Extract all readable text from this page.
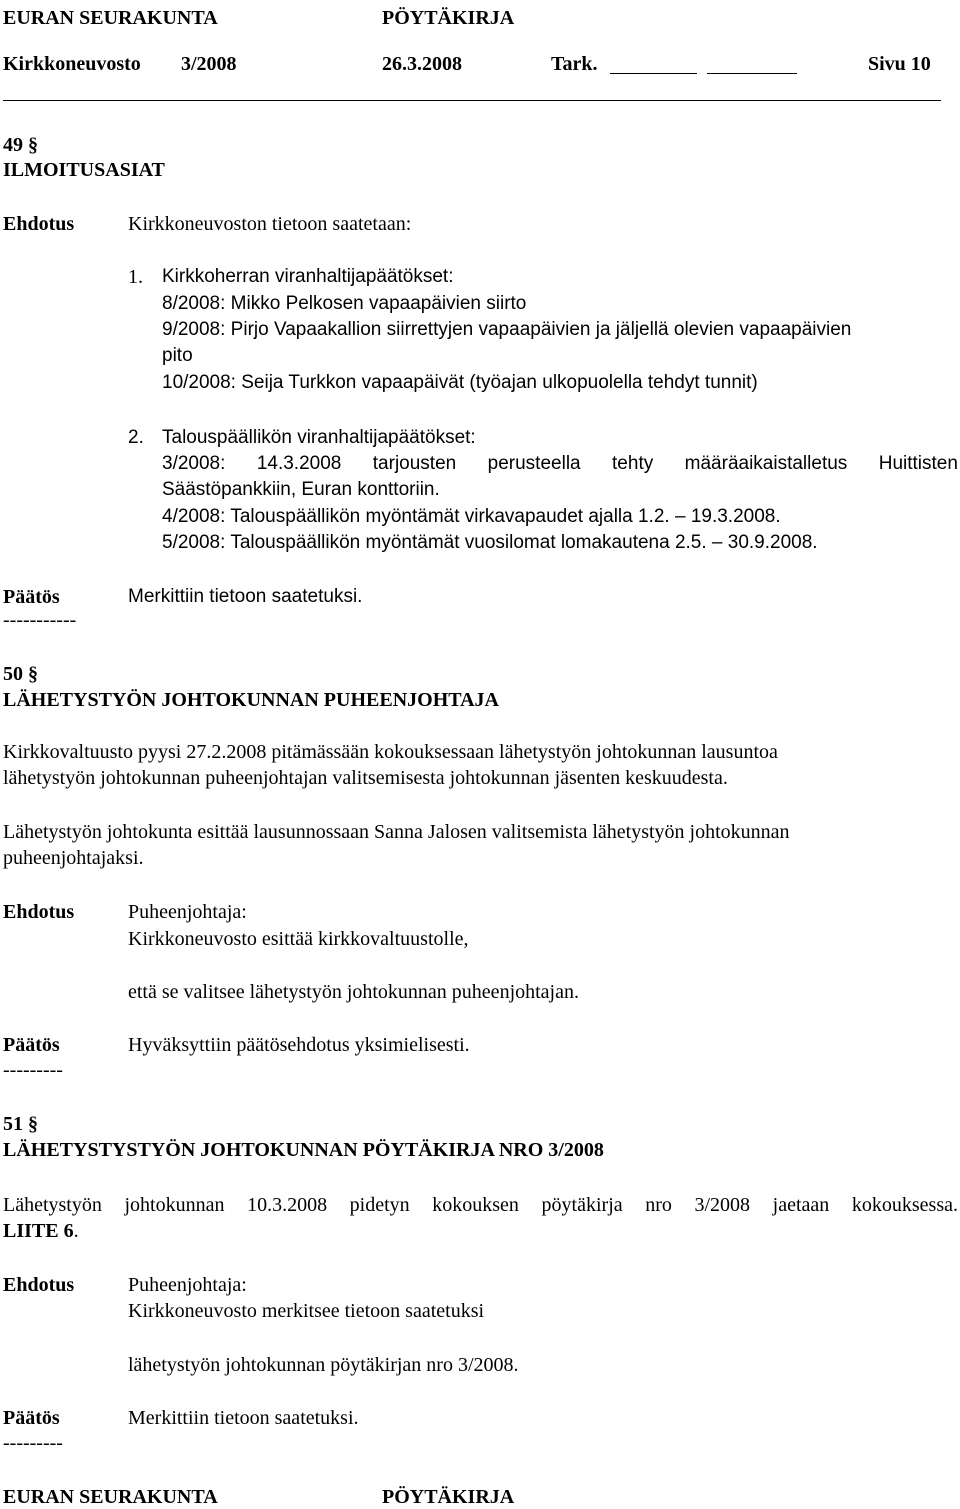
EURAN SEURAKUNTA	PÖYTÄKIRJA
Kirkkoneuvosto 3/2008	26.3.2008	Tark.	Sivu 10
49 §
ILMOITUSASIAT
Ehdotus	Kirkkoneuvoston tietoon saatetaan:
1. Kirkkoherran viranhaltijapäätökset:
8/2008: Mikko Pelkosen vapaapäivien siirto
9/2008: Pirjo Vapaakallion siirrettyjen vapaapäivien ja jäljellä olevien vapaapäivien
pito
10/2008: Seija Turkkon vapaapäivät (työajan ulkopuolella tehdyt tunnit)
2. Talouspäällikön viranhaltijapäätökset:
3/2008: 14.3.2008 tarjousten perusteella tehty määräaikaistalletus Huittisten
Säästöpankkiin, Euran konttoriin.
4/2008: Talouspäällikön myöntämät virkavapaudet ajalla 1.2. – 19.3.2008.
5/2008: Talouspäällikön myöntämät vuosilomat lomakautena 2.5. – 30.9.2008.
Päätös	Merkittiin tietoon saatetuksi.
-----------
50 §
LÄHETYSTYÖN JOHTOKUNNAN PUHEENJOHTAJA
Kirkkovaltuusto pyysi 27.2.2008 pitämässään kokouksessaan lähetystyön johtokunnan lausuntoa
lähetystyön johtokunnan puheenjohtajan valitsemisesta johtokunnan jäsenten keskuudesta.
Lähetystyön johtokunta esittää lausunnossaan Sanna Jalosen valitsemista lähetystyön johtokunnan
puheenjohtajaksi.
Ehdotus	Puheenjohtaja:
Kirkkoneuvosto esittää kirkkovaltuustolle,
että se valitsee lähetystyön johtokunnan puheenjohtajan.
Päätös	Hyväksyttiin päätösehdotus yksimielisesti.
---------
51 §
LÄHETYSTYSTYÖN JOHTOKUNNAN PÖYTÄKIRJA NRO 3/2008
Lähetystyön johtokunnan 10.3.2008 pidetyn kokouksen pöytäkirja nro 3/2008 jaetaan kokouksessa.
LIITE 6.
Ehdotus	Puheenjohtaja:
Kirkkoneuvosto merkitsee tietoon saatetuksi
lähetystyön johtokunnan pöytäkirjan nro 3/2008.
Päätös	Merkittiin tietoon saatetuksi.
---------
EURAN SEURAKUNTA	PÖYTÄKIRJA
